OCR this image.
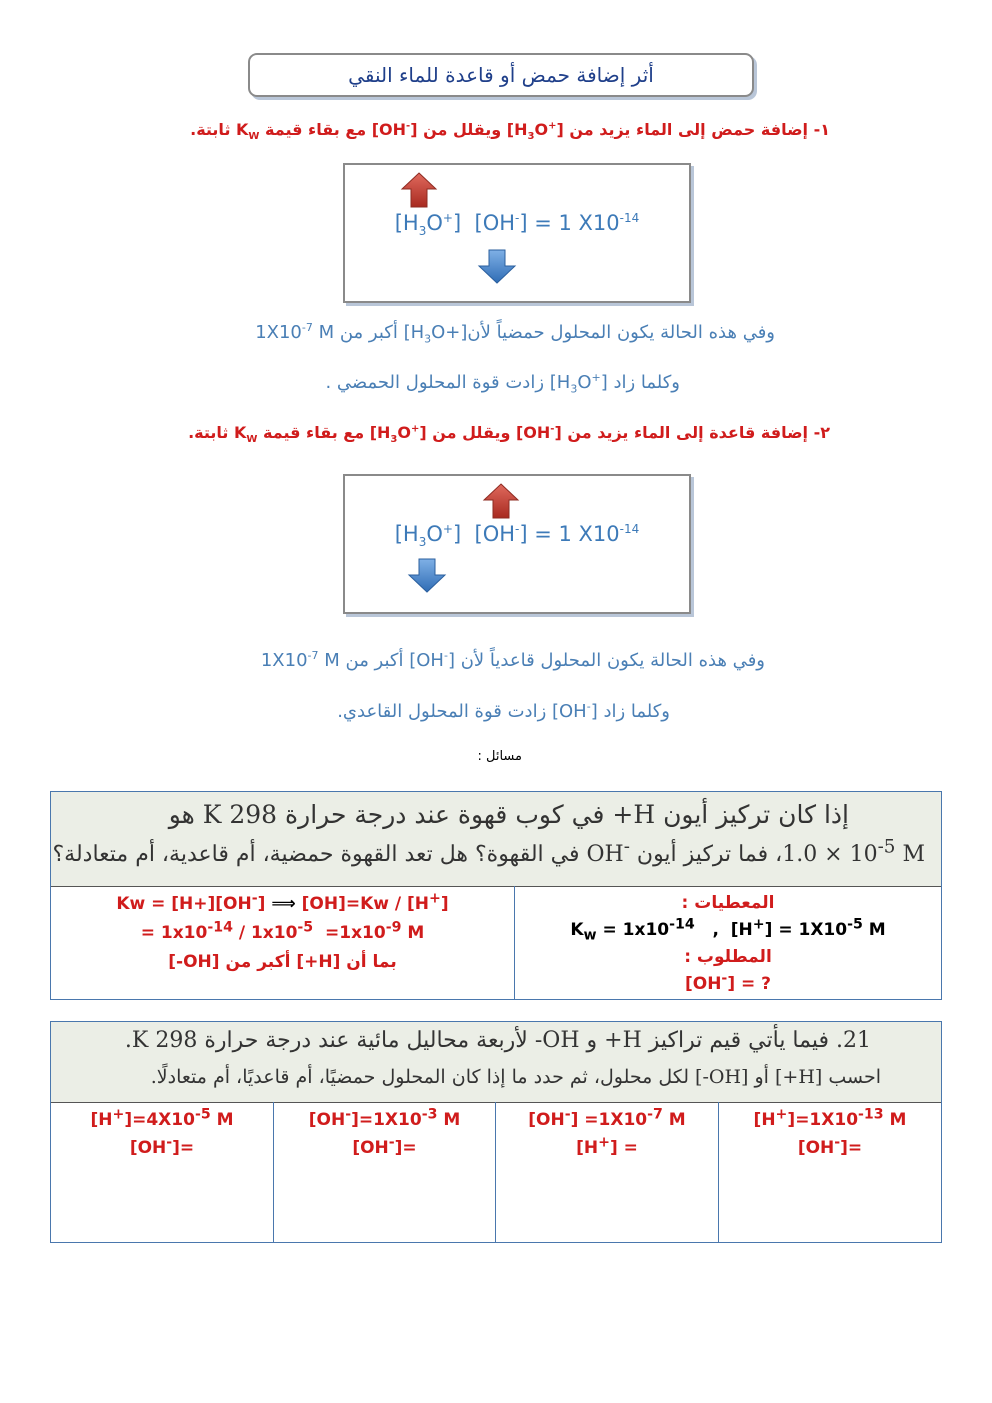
أثر إضافة حمض أو قاعدة للماء النقي
١- إضافة حمض إلى الماء يزيد من $[H_3O^+]$ ويقلل من [OH-] مع بقاء قيمة $K_W$ ثابتة.
$[H_3O^+] [OH^-] = 1$ $X10^{-14}$
وفي هذه الحالة يكون المحلول حمضياً $لأن[H_3O+]$ أكبر من $1X10^{-7}$ M
وكلما زاد $[H_3O^+]$ زادت قوة المحلول الحمضي .
٢- إضافة قاعدة إلى الماء يزيد من [OH-] ويقلل من $[H_3O^+]$ مع بقاء قيمة $K_W$ ثابتة.
$[H_3O^+] [OH^-] = 1$ $X10^{-14}$
وفي هذه الحالة يكون المحلول قاعدياً لأن [OH-] أكبر من $1X10^{-7}$ M
وكلما زاد [OH-] زادت قوة المحلول القاعدي.
مسائل :
إذا كان تركيز أيون H+ في كوب قهوة عند درجة حرارة 298 K هو
$1.0 \times 10^{-5}$ M، فما تركيز أيون OH- في القهوة؟ هل تعد القهوة حمضية، أم قاعدية، أم متعادلة؟
Kw = [H+][OH-] ⟹ [OH]=Kw / [H+]
= $1x10^{-14} / 1x10^{-5} =1x10^{-9}$ M
بما أن [H+] أكبر من [OH-]
المعطيات :
$K_w = 1x10^{-14}$   ,  $[H^+] = 1X10^{-5}$ M
المطلوب :
[OH-] = ?
21. فيما يأتي قيم تراكيز H+ و OH- لأربعة محاليل مائية عند درجة حرارة 298 K.
احسب [H+] أو [OH-] لكل محلول، ثم حدد ما إذا كان المحلول حمضيًا، أم قاعديًا، أم متعادلًا.
$[H^+]=4X10^{-5}$ M
[OH-]=
$[OH^-]=1X10^{-3}$ M
[OH-]=
$[OH^-] =1X10^{-7}$ M
[H+] =
$[H^+]=1X10^{-13}$ M
[OH-]=
